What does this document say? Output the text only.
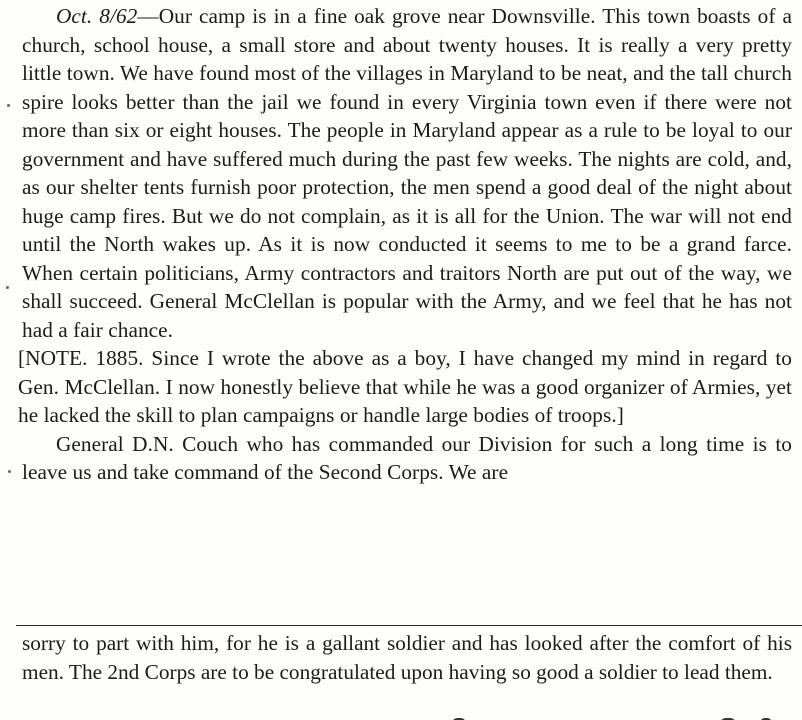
Oct. 8/62—Our camp is in a fine oak grove near Downsville. This town boasts of a church, school house, a small store and about twenty houses. It is really a very pretty little town. We have found most of the villages in Maryland to be neat, and the tall church spire looks better than the jail we found in every Virginia town even if there were not more than six or eight houses. The people in Maryland appear as a rule to be loyal to our government and have suffered much during the past few weeks. The nights are cold, and, as our shelter tents furnish poor protection, the men spend a good deal of the night about huge camp fires. But we do not complain, as it is all for the Union. The war will not end until the North wakes up. As it is now conducted it seems to me to be a grand farce. When certain politicians, Army contractors and traitors North are put out of the way, we shall succeed. General McClellan is popular with the Army, and we feel that he has not had a fair chance.

[NOTE. 1885. Since I wrote the above as a boy, I have changed my mind in regard to Gen. McClellan. I now honestly believe that while he was a good organizer of Armies, yet he lacked the skill to plan campaigns or handle large bodies of troops.]

General D.N. Couch who has commanded our Division for such a long time is to leave us and take command of the Second Corps. We are

sorry to part with him, for he is a gallant soldier and has looked after the comfort of his men. The 2nd Corps are to be congratulated upon having so good a soldier to lead them.
